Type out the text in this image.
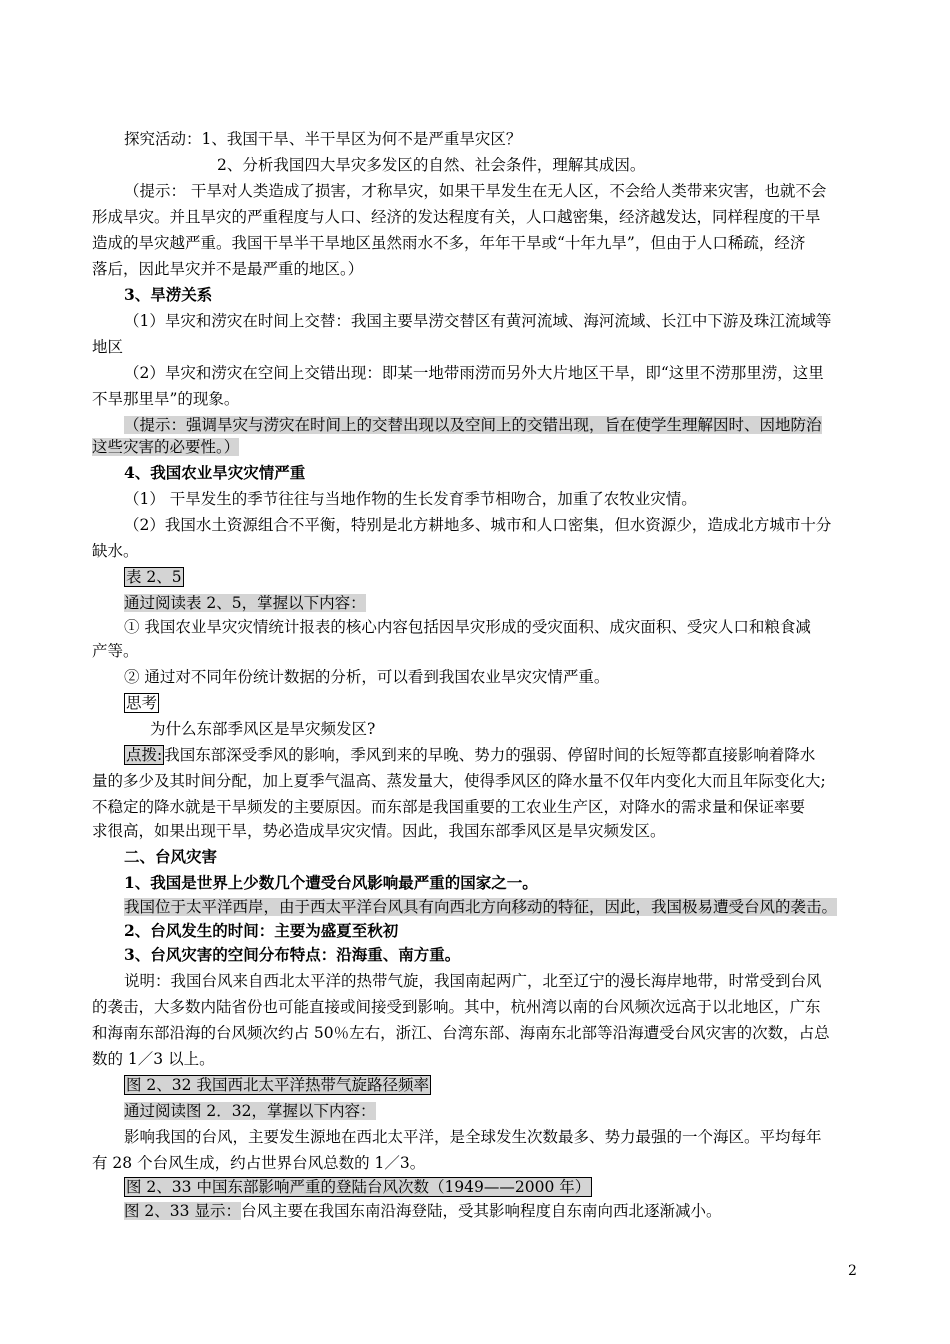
探究活动：1、我国干旱、半干旱区为何不是严重旱灾区？
2、分析我国四大旱灾多发区的自然、社会条件，理解其成因。
（提示： 干旱对人类造成了损害，才称旱灾，如果干旱发生在无人区，不会给人类带来灾害，也就不会
形成旱灾。并且旱灾的严重程度与人口、经济的发达程度有关，人口越密集，经济越发达，同样程度的干旱
造成的旱灾越严重。我国干旱半干旱地区虽然雨水不多，年年干旱或“十年九旱”，但由于人口稀疏，经济
落后，因此旱灾并不是最严重的地区。）
3、旱涝关系
（1）旱灾和涝灾在时间上交替：我国主要旱涝交替区有黄河流域、海河流域、长江中下游及珠江流域等
地区
（2）旱灾和涝灾在空间上交错出现：即某一地带雨涝而另外大片地区干旱，即“这里不涝那里涝，这里
不旱那里旱”的现象。
（提示：强调旱灾与涝灾在时间上的交替出现以及空间上的交错出现，旨在使学生理解因时、因地防治
这些灾害的必要性。）
4、我国农业旱灾灾情严重
（1） 干旱发生的季节往往与当地作物的生长发育季节相吻合，加重了农牧业灾情。
（2）我国水土资源组合不平衡，特别是北方耕地多、城市和人口密集，但水资源少，造成北方城市十分
缺水。
表 2、5
通过阅读表 2、5，掌握以下内容：
① 我国农业旱灾灾情统计报表的核心内容包括因旱灾形成的受灾面积、成灾面积、受灾人口和粮食减
产等。
② 通过对不同年份统计数据的分析，可以看到我国农业旱灾灾情严重。
思考
为什么东部季风区是旱灾频发区?
点拨: 我国东部深受季风的影响，季风到来的早晚、势力的强弱、停留时间的长短等都直接影响着降水
量的多少及其时间分配，加上夏季气温高、蒸发量大，使得季风区的降水量不仅年内变化大而且年际变化大;
不稳定的降水就是干旱频发的主要原因。而东部是我国重要的工农业生产区，对降水的需求量和保证率要
求很高，如果出现干旱，势必造成旱灾灾情。因此，我国东部季风区是旱灾频发区。
二、台风灾害
1、我国是世界上少数几个遭受台风影响最严重的国家之一。
我国位于太平洋西岸，由于西太平洋台风具有向西北方向移动的特征，因此，我国极易遭受台风的袭击。
2、台风发生的时间：主要为盛夏至秋初
3、台风灾害的空间分布特点：沿海重、南方重。
说明：我国台风来自西北太平洋的热带气旋，我国南起两广，北至辽宁的漫长海岸地带，时常受到台风
的袭击，大多数内陆省份也可能直接或间接受到影响。其中，杭州湾以南的台风频次远高于以北地区，广东
和海南东部沿海的台风频次约占 50％左右，浙江、台湾东部、海南东北部等沿海遭受台风灾害的次数，占总
数的 1／3 以上。
图 2、32 我国西北太平洋热带气旋路径频率
通过阅读图 2．32，掌握以下内容：
影响我国的台风，主要发生源地在西北太平洋，是全球发生次数最多、势力最强的一个海区。平均每年
有 28 个台风生成，约占世界台风总数的 1／3。
图 2、33 中国东部影响严重的登陆台风次数（1949——2000 年）
图 2、33 显示：台风主要在我国东南沿海登陆，受其影响程度自东南向西北逐渐减小。
2
